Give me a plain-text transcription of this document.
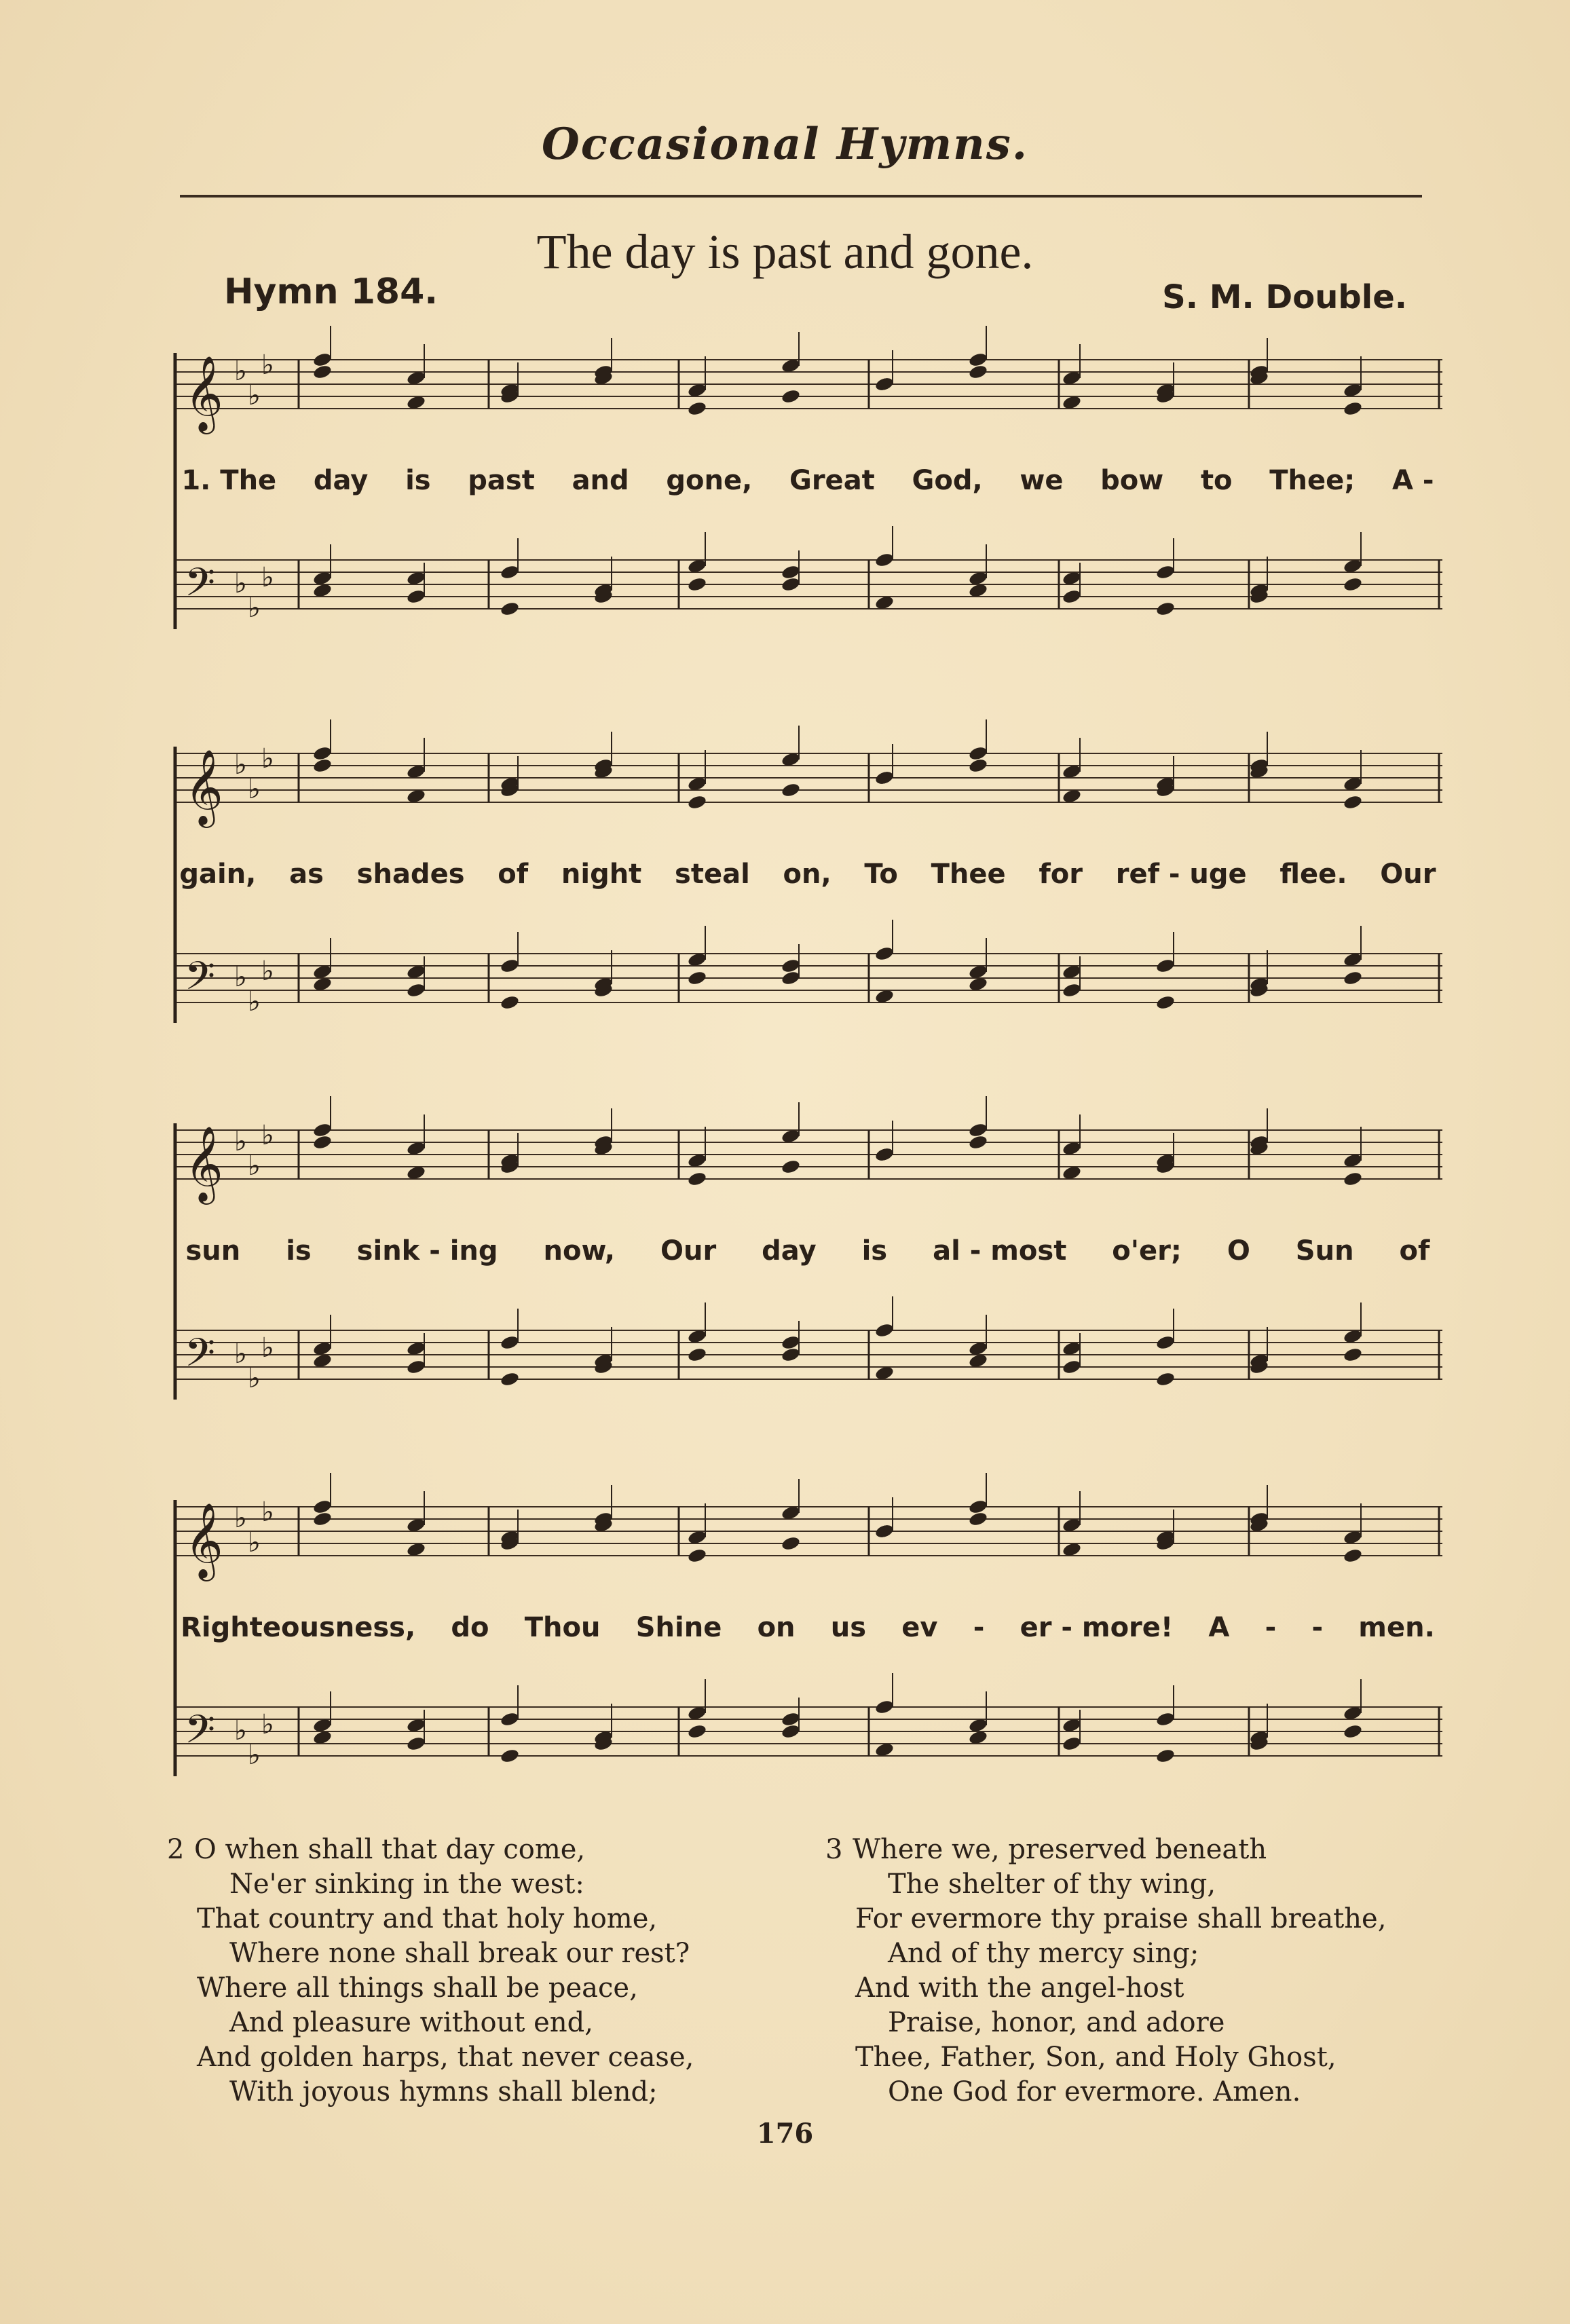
Occasional Hymns.
The day is past and gone.
Hymn 184.	S. M. Double.
𝄞 ♭
♭
♭
𝄢 ♭
♭
♭
1. The day is past and gone, Great God, we bow to Thee; A -
𝄞 ♭
♭
♭
𝄢 ♭
♭
♭
gain, as shades of night steal on, To Thee for ref - uge flee. Our
𝄞 ♭
♭
♭
𝄢 ♭
♭
♭
sun is sink - ing now, Our day is al - most o'er; O Sun of
𝄞 ♭
♭
♭
𝄢 ♭
♭
♭
Righteousness, do Thou Shine on us ev - er - more! A - - men.
2 O when shall that day come,
Ne'er sinking in the west:
That country and that holy home,
Where none shall break our rest?
Where all things shall be peace,
And pleasure without end,
And golden harps, that never cease,
With joyous hymns shall blend;
3 Where we, preserved beneath
The shelter of thy wing,
For evermore thy praise shall breathe,
And of thy mercy sing;
And with the angel-host
Praise, honor, and adore
Thee, Father, Son, and Holy Ghost,
One God for evermore. Amen.
176
